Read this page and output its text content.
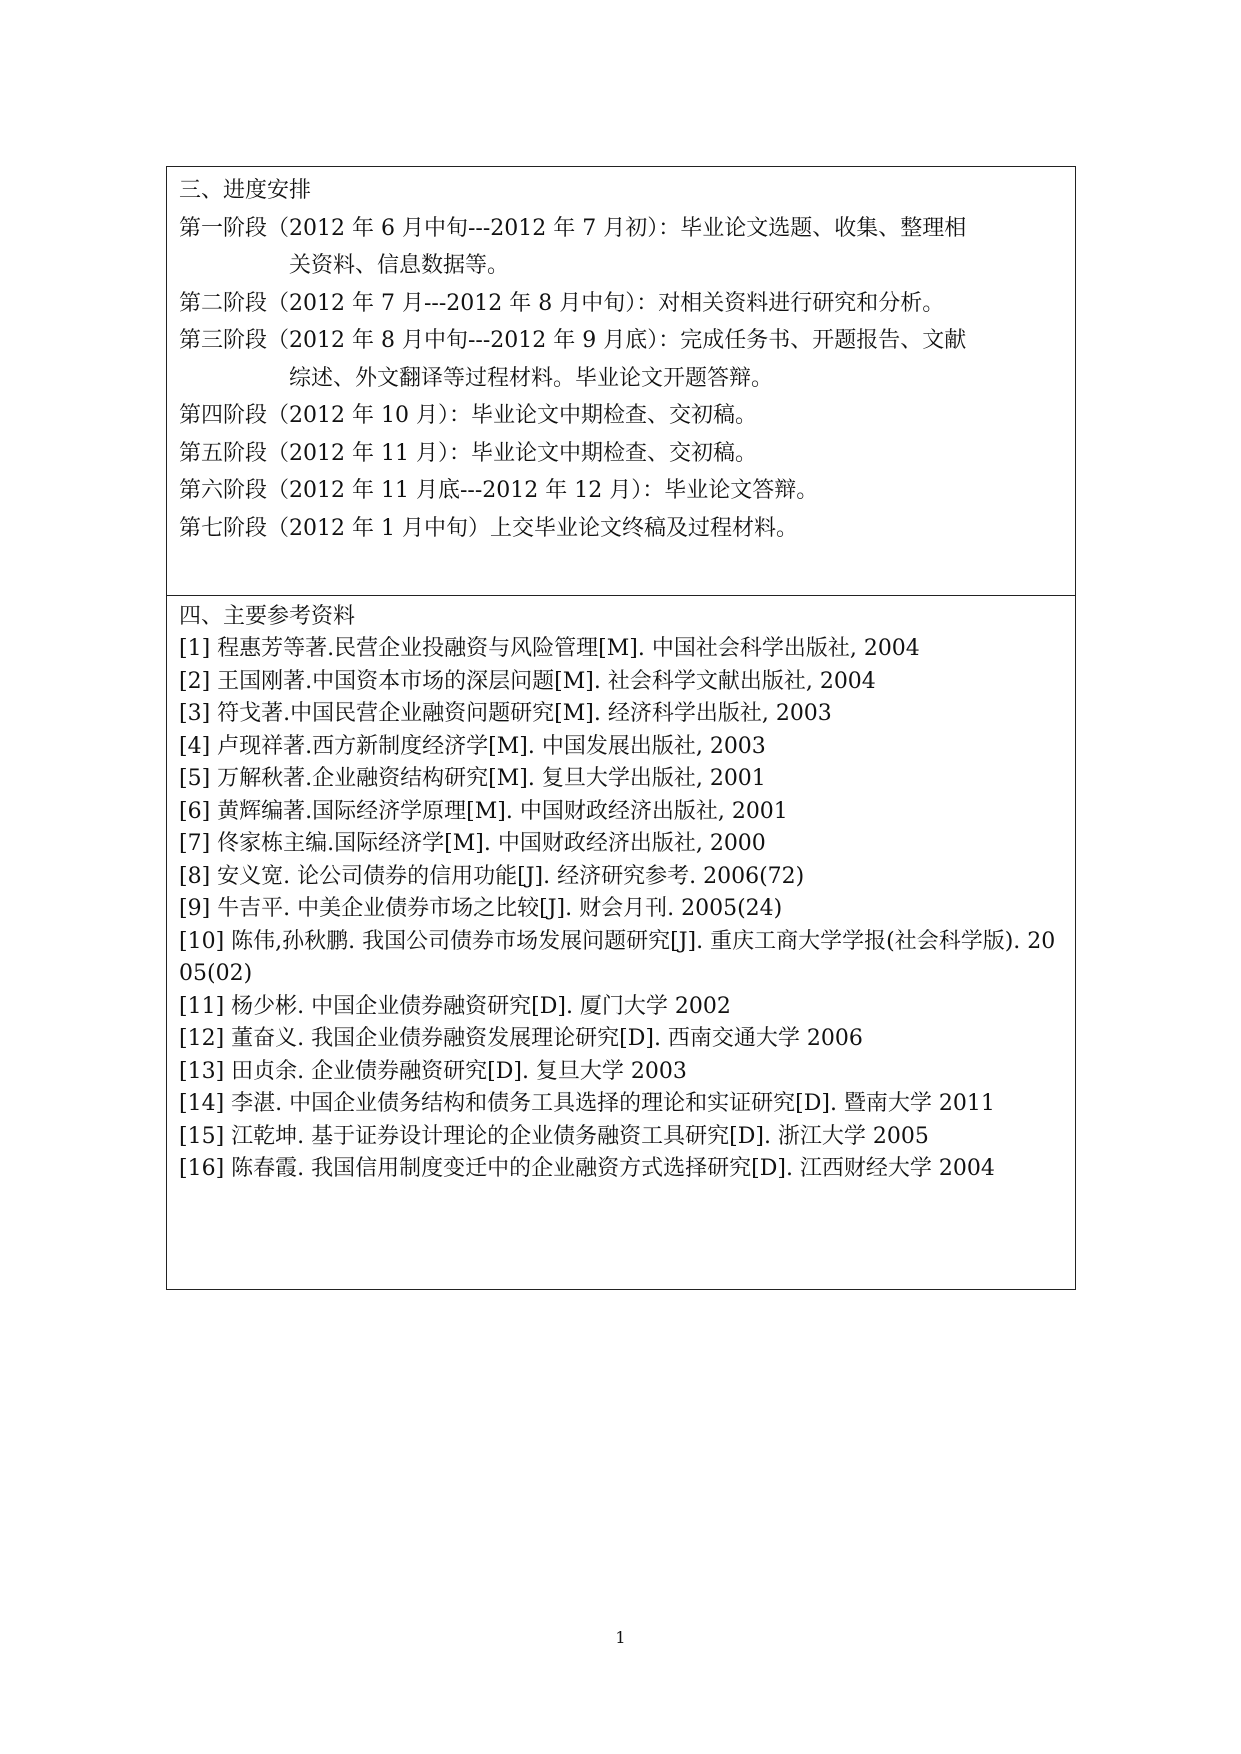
三、进度安排
第一阶段（2012 年 6 月中旬---2012 年 7 月初）：毕业论文选题、收集、整理相
关资料、信息数据等。
第二阶段（2012 年 7 月---2012 年 8 月中旬）：对相关资料进行研究和分析。
第三阶段（2012 年 8 月中旬---2012 年 9 月底）：完成任务书、开题报告、文献
综述、外文翻译等过程材料。毕业论文开题答辩。
第四阶段（2012 年 10 月）：毕业论文中期检查、交初稿。
第五阶段（2012 年 11 月）：毕业论文中期检查、交初稿。
第六阶段（2012 年 11 月底---2012 年 12 月）：毕业论文答辩。
第七阶段（2012 年 1 月中旬）上交毕业论文终稿及过程材料。
四、主要参考资料
[1] 程惠芳等著.民营企业投融资与风险管理[M]. 中国社会科学出版社, 2004
[2] 王国刚著.中国资本市场的深层问题[M]. 社会科学文献出版社, 2004
[3] 符戈著.中国民营企业融资问题研究[M]. 经济科学出版社, 2003
[4] 卢现祥著.西方新制度经济学[M]. 中国发展出版社, 2003
[5] 万解秋著.企业融资结构研究[M]. 复旦大学出版社, 2001
[6] 黄辉编著.国际经济学原理[M]. 中国财政经济出版社, 2001
[7] 佟家栋主编.国际经济学[M]. 中国财政经济出版社, 2000
[8] 安义宽. 论公司债券的信用功能[J]. 经济研究参考. 2006(72)
[9] 牛吉平. 中美企业债券市场之比较[J]. 财会月刊. 2005(24)
[10] 陈伟,孙秋鹏. 我国公司债券市场发展问题研究[J]. 重庆工商大学学报(社会科学版). 2005(02)
[11] 杨少彬. 中国企业债券融资研究[D]. 厦门大学 2002
[12] 董奋义. 我国企业债券融资发展理论研究[D]. 西南交通大学 2006
[13] 田贞余. 企业债券融资研究[D]. 复旦大学 2003
[14] 李湛. 中国企业债务结构和债务工具选择的理论和实证研究[D]. 暨南大学 2011
[15] 江乾坤. 基于证券设计理论的企业债务融资工具研究[D]. 浙江大学 2005
[16] 陈春霞. 我国信用制度变迁中的企业融资方式选择研究[D]. 江西财经大学 2004
1
